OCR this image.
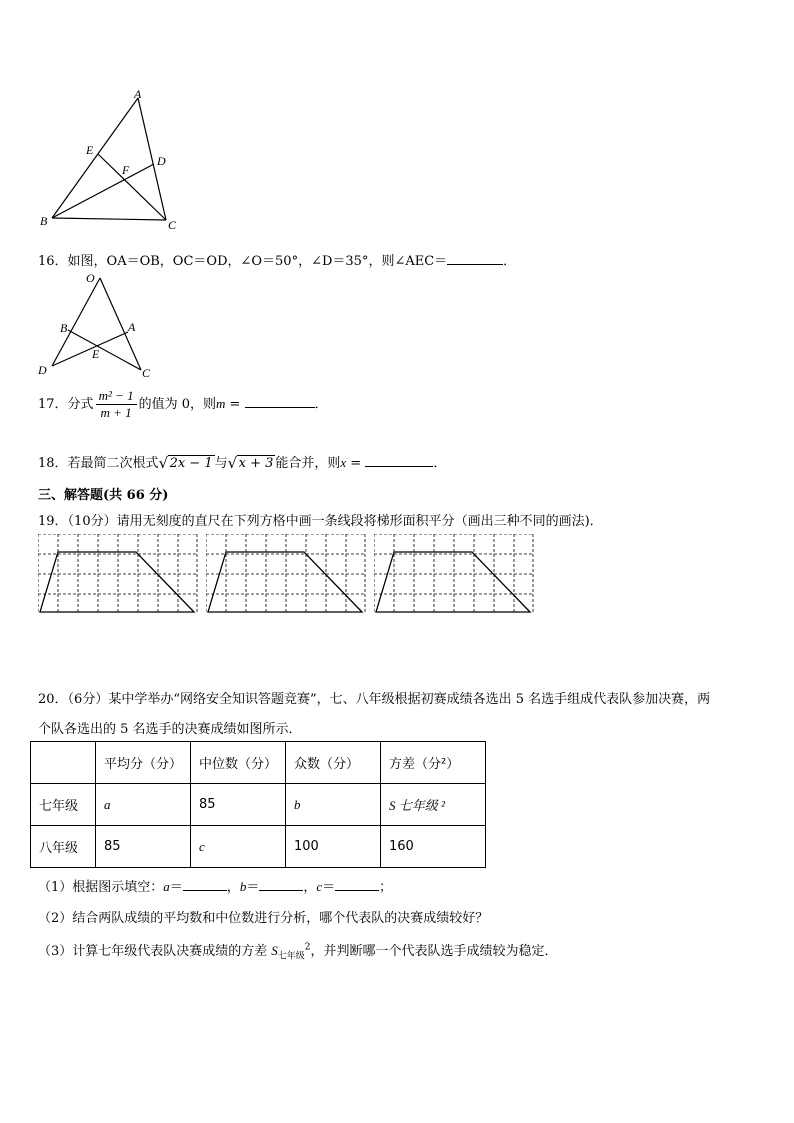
A
B	C
D
E
F
16．如图，OA＝OB，OC＝OD，∠O＝50°，∠D＝35°，则∠AEC＝	．
O
B	A
E
D	C
17．分式 $\frac{\text{m² − 1}}{m + 1}$ 的值为 0，则m =	．
18．若最简二次根式 √ 2x − 1 与 √ x + 3 能合并，则x =	．
三、解答题(共 66 分)
19．（10分）请用无刻度的直尺在下列方格中画一条线段将梯形面积平分（画出三种不同的画法)．
20．（6分）某中学举办“网络安全知识答题竞赛”，七、八年级根据初赛成绩各选出 5 名选手组成代表队参加决赛，两
个队各选出的 5 名选手的决赛成绩如图所示．
	平均分（分）	中位数（分）	众数（分）	方差（分²）
七年级	a	85	b	S 七年级 ²
八年级	85	c	100	160
（1）根据图示填空：a＝	，b＝	，c＝	；
（2）结合两队成绩的平均数和中位数进行分析，哪个代表队的决赛成绩较好？
（3）计算七年级代表队决赛成绩的方差 $S_{七年级}^2$，并判断哪一个代表队选手成绩较为稳定．
